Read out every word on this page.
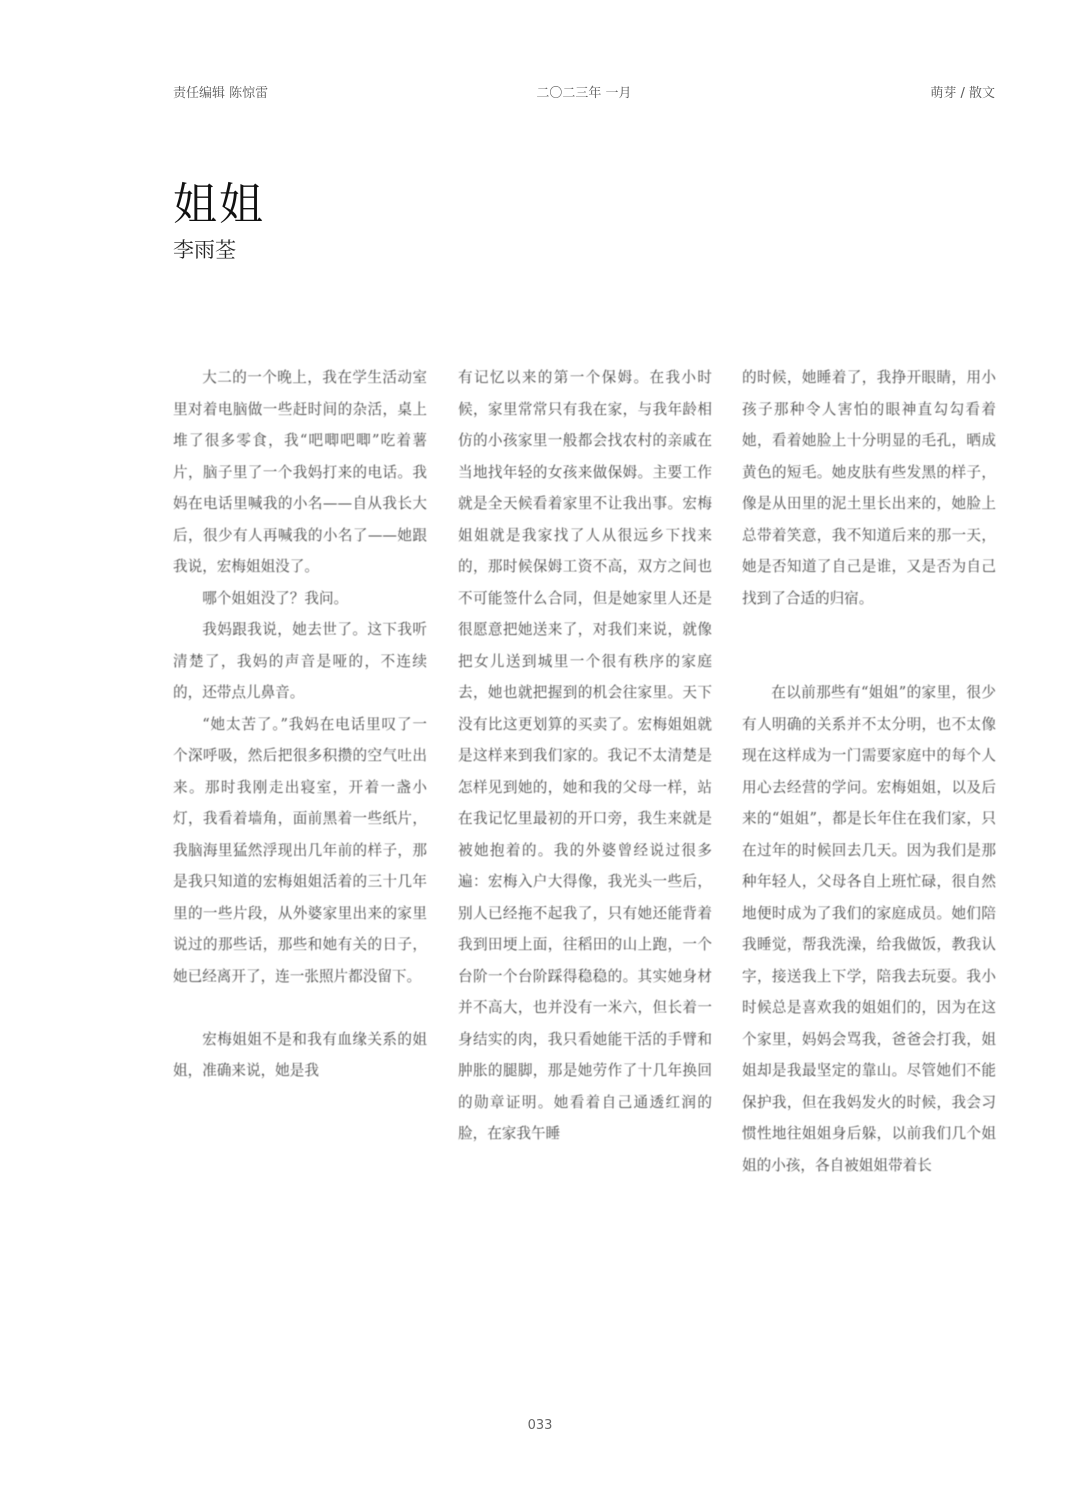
责任编辑 陈惊雷	二〇二三年 一月	萌芽 / 散文
姐姐
李雨荃

大二的一个晚上，我在学生活动室里对着电脑做一些赶时间的杂活，桌上堆了很多零食，我“吧唧吧唧”吃着薯片，脑子里了一个我妈打来的电话。我妈在电话里喊我的小名——自从我长大后，很少有人再喊我的小名了——她跟我说，宏梅姐姐没了。

哪个姐姐没了？我问。

我妈跟我说，她去世了。这下我听清楚了，我妈的声音是哑的，不连续的，还带点儿鼻音。

“她太苦了。”我妈在电话里叹了一个深呼吸，然后把很多积攒的空气吐出来。那时我刚走出寝室，开着一盏小灯，我看着墙角，面前黑着一些纸片，我脑海里猛然浮现出几年前的样子，那是我只知道的宏梅姐姐活着的三十几年里的一些片段，从外婆家里出来的家里说过的那些话，那些和她有关的日子，她已经离开了，连一张照片都没留下。

宏梅姐姐不是和我有血缘关系的姐姐，准确来说，她是我

有记忆以来的第一个保姆。在我小时候，家里常常只有我在家，与我年龄相仿的小孩家里一般都会找农村的亲戚在当地找年轻的女孩来做保姆。主要工作就是全天候看着家里不让我出事。宏梅姐姐就是我家找了人从很远乡下找来的，那时候保姆工资不高，双方之间也不可能签什么合同，但是她家里人还是很愿意把她送来了，对我们来说，就像把女儿送到城里一个很有秩序的家庭去，她也就把握到的机会往家里。天下没有比这更划算的买卖了。宏梅姐姐就是这样来到我们家的。我记不太清楚是怎样见到她的，她和我的父母一样，站在我记忆里最初的开口旁，我生来就是被她抱着的。我的外婆曾经说过很多遍：宏梅入户大得像，我光头一些后，别人已经拖不起我了，只有她还能背着我到田埂上面，往稻田的山上跑，一个台阶一个台阶踩得稳稳的。其实她身材并不高大，也并没有一米六，但长着一身结实的肉，我只看她能干活的手臂和肿胀的腿脚，那是她劳作了十几年换回的勋章证明。她看着自己通透红润的脸，在家我午睡

的时候，她睡着了，我挣开眼睛，用小孩子那种令人害怕的眼神直勾勾看着她，看着她脸上十分明显的毛孔，晒成黄色的短毛。她皮肤有些发黑的样子，像是从田里的泥土里长出来的，她脸上总带着笑意，我不知道后来的那一天，她是否知道了自己是谁，又是否为自己找到了合适的归宿。

在以前那些有“姐姐”的家里，很少有人明确的关系并不太分明，也不太像现在这样成为一门需要家庭中的每个人用心去经营的学问。宏梅姐姐，以及后来的“姐姐”，都是长年住在我们家，只在过年的时候回去几天。因为我们是那种年轻人，父母各自上班忙碌，很自然地便时成为了我们的家庭成员。她们陪我睡觉，帮我洗澡，给我做饭，教我认字，接送我上下学，陪我去玩耍。我小时候总是喜欢我的姐姐们的，因为在这个家里，妈妈会骂我，爸爸会打我，姐姐却是我最坚定的靠山。尽管她们不能保护我，但在我妈发火的时候，我会习惯性地往姐姐身后躲，以前我们几个姐姐的小孩，各自被姐姐带着长

033
